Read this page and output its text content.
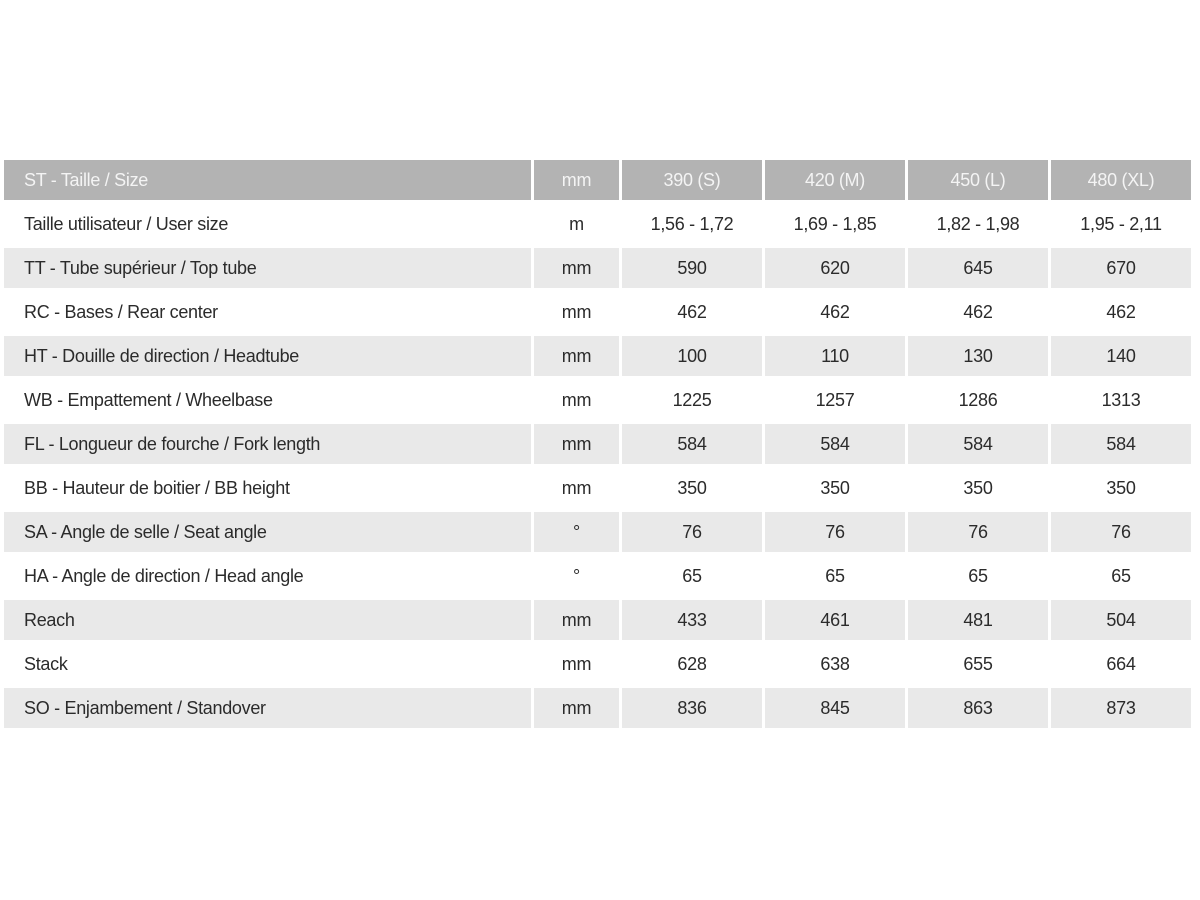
ST - Taille / Size	mm	390 (S)	420 (M)	450 (L)	480 (XL)
Taille utilisateur / User size	m	1,56 - 1,72	1,69 - 1,85	1,82 - 1,98	1,95 - 2,11
TT - Tube supérieur / Top tube	mm	590	620	645	670
RC - Bases / Rear center	mm	462	462	462	462
HT - Douille de direction / Headtube	mm	100	110	130	140
WB - Empattement / Wheelbase	mm	1225	1257	1286	1313
FL - Longueur de fourche / Fork length	mm	584	584	584	584
BB - Hauteur de boitier / BB height	mm	350	350	350	350
SA - Angle de selle / Seat angle	°	76	76	76	76
HA - Angle de direction / Head angle	°	65	65	65	65
Reach	mm	433	461	481	504
Stack	mm	628	638	655	664
SO - Enjambement / Standover	mm	836	845	863	873
